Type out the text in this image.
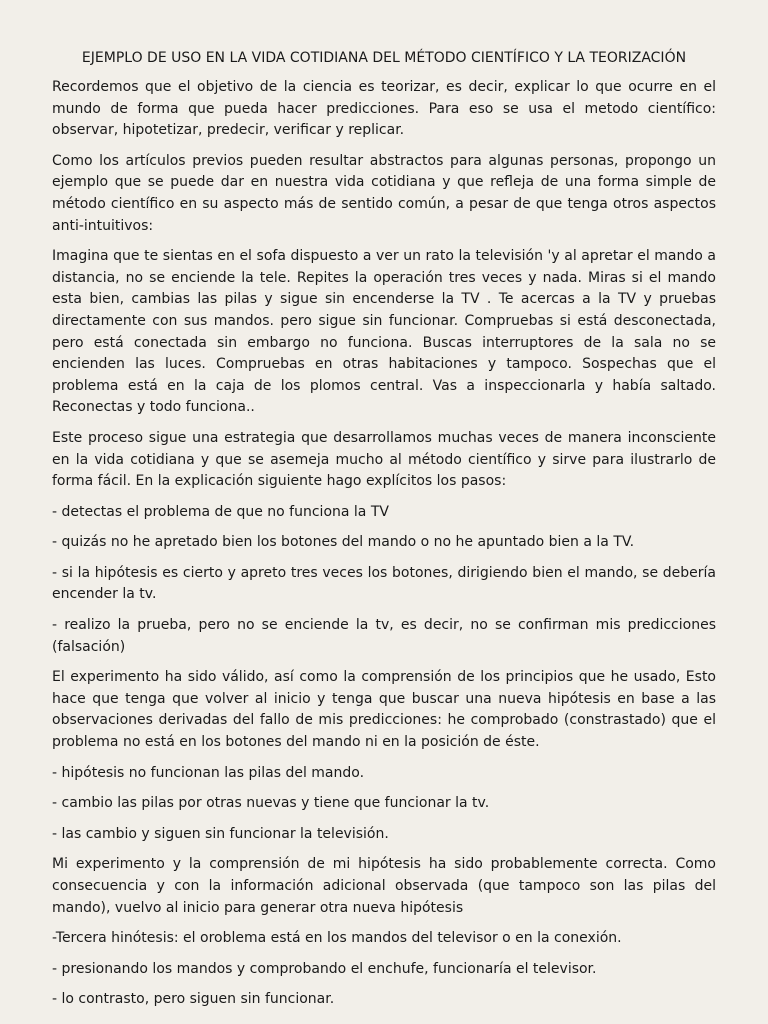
EJEMPLO DE USO EN LA VIDA COTIDIANA DEL MÉTODO CIENTÍFICO Y LA TEORIZACIÓN

Recordemos que el objetivo de la ciencia es teorizar, es decir, explicar lo que ocurre en el mundo de forma que pueda hacer predicciones. Para eso se usa el metodo científico: observar, hipotetizar, predecir, verificar y replicar.

Como los artículos previos pueden resultar abstractos para algunas personas, propongo un ejemplo que se puede dar en nuestra vida cotidiana y que refleja de una forma simple de método científico en su aspecto más de sentido común, a pesar de que tenga otros aspectos anti-intuitivos:

Imagina que te sientas en el sofa dispuesto a ver un rato la televisión 'y al apretar el mando a distancia, no se enciende la tele. Repites la operación tres veces y nada. Miras si el mando esta bien, cambias las pilas y sigue sin encenderse la TV . Te acercas a la TV y pruebas directamente con sus mandos. pero sigue sin funcionar. Compruebas si está desconectada, pero está conectada sin embargo no funciona. Buscas interruptores de la sala no se encienden las luces. Compruebas en otras habitaciones y tampoco. Sospechas que el problema está en la caja de los plomos central. Vas a inspeccionarla y había saltado. Reconectas y todo funciona..

Este proceso sigue una estrategia que desarrollamos muchas veces de manera inconsciente en la vida cotidiana y que se asemeja mucho al método científico y sirve para ilustrarlo de forma fácil. En la explicación siguiente hago explícitos los pasos:

- detectas el problema de que no funciona la TV

- quizás no he apretado bien los botones del mando o no he apuntado bien a la TV.

- si la hipótesis es cierto y apreto tres veces los botones, dirigiendo bien el mando, se debería encender la tv.

- realizo la prueba, pero no se enciende la tv, es decir, no se confirman mis predicciones (falsación)

El experimento ha sido válido, así como la comprensión de los principios que he usado, Esto hace que tenga que volver al inicio y tenga que buscar una nueva hipótesis en base a las observaciones derivadas del fallo de mis predicciones: he comprobado (constrastado) que el problema no está en los botones del mando ni en la posición de éste.

- hipótesis no funcionan las pilas del mando.

- cambio las pilas por otras nuevas y tiene que funcionar la tv.

- las cambio y siguen sin funcionar la televisión.

Mi experimento y la comprensión de mi hipótesis ha sido probablemente correcta. Como consecuencia y con la información adicional observada (que tampoco son las pilas del mando), vuelvo al inicio para generar otra nueva hipótesis

-Tercera hinótesis: el oroblema está en los mandos del televisor o en la conexión.

- presionando los mandos y comprobando el enchufe, funcionaría el televisor.

- lo contrasto, pero siguen sin funcionar.
